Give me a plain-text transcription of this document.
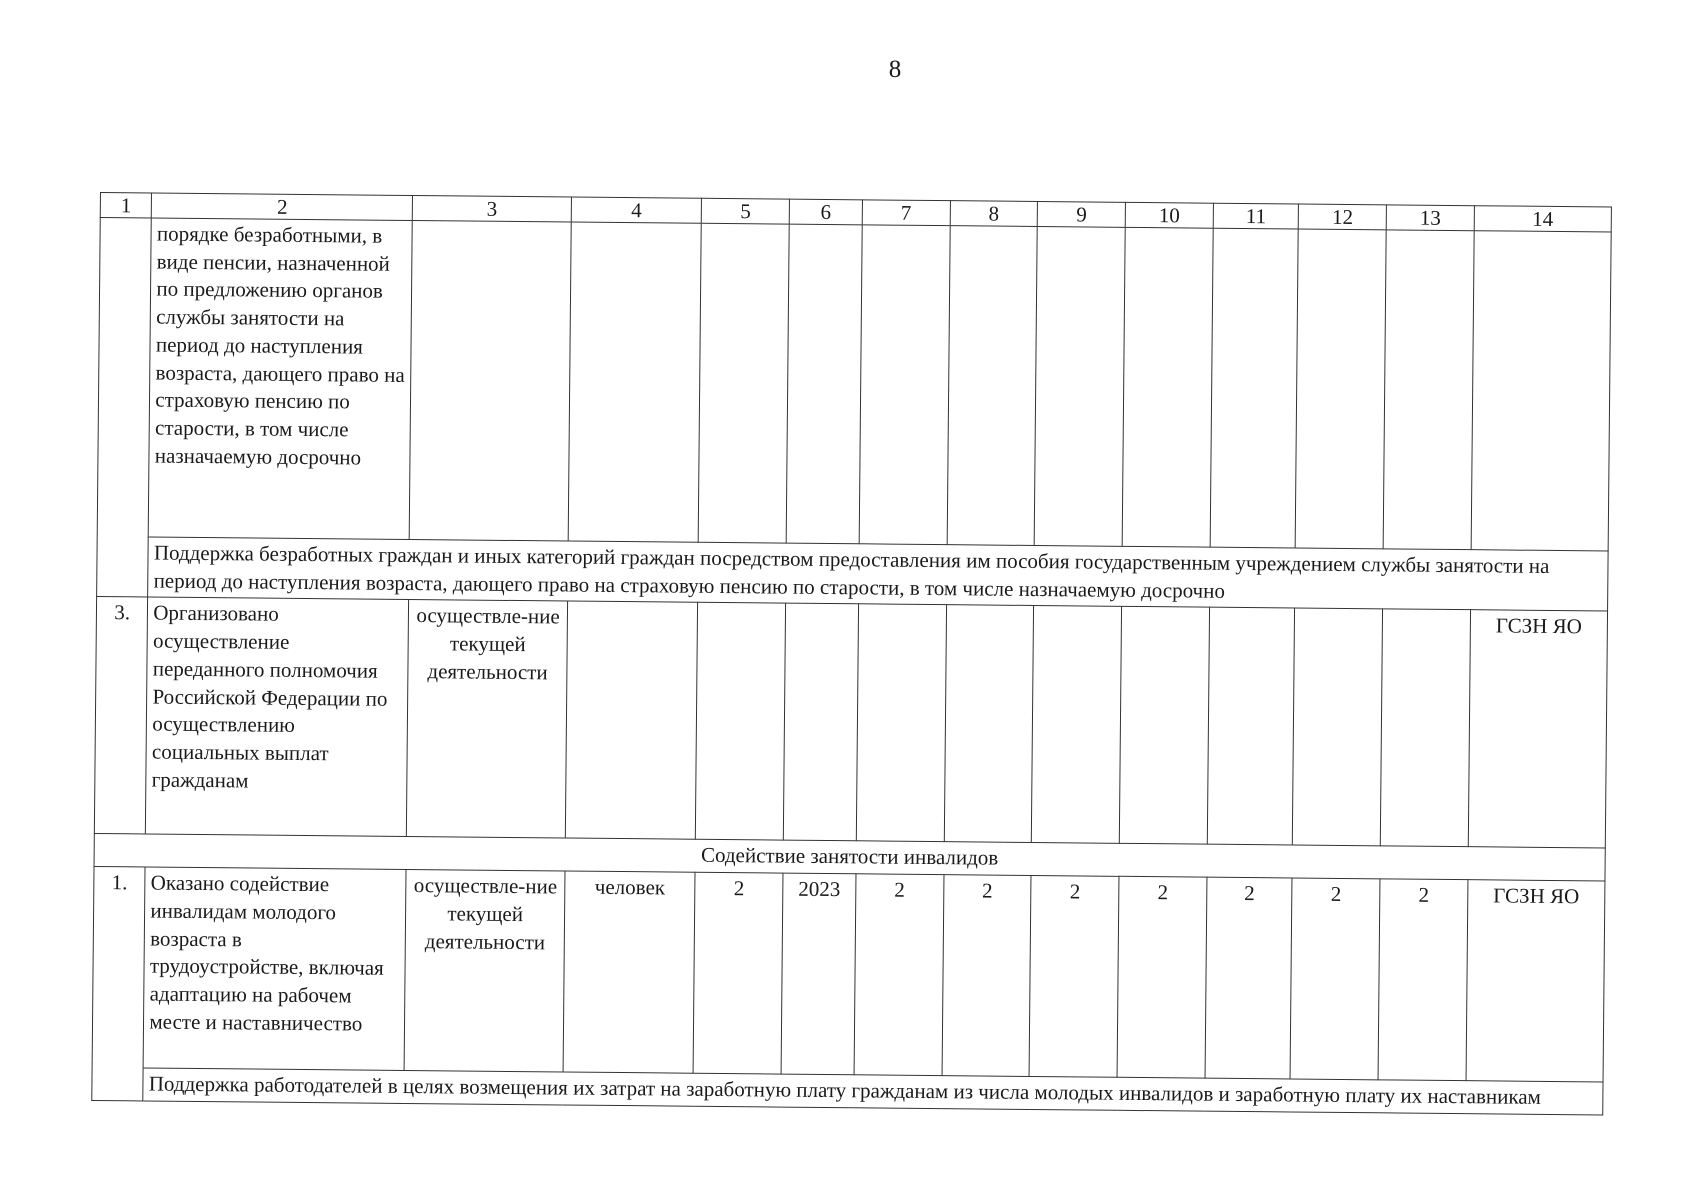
8
1	2	3	4	5	6	7	8	9	10	11	12	13	14
	порядке безработными, в виде пенсии, назначенной по предложению органов службы занятости на период до наступления возраста, дающего право на страховую пенсию по старости, в том числе назначаемую досрочно												
	Поддержка безработных граждан и иных категорий граждан посредством предоставления им пособия государственным учреждением службы занятости на период до наступления возраста, дающего право на страховую пенсию по старости, в том числе назначаемую досрочно												
3.	Организовано осуществление переданного полномочия Российской Федерации по осуществлению социальных выплат гражданам	осуществле-ние текущей деятельности											ГСЗН ЯО
Содействие занятости инвалидов													
1.	Оказано содействие инвалидам молодого возраста в трудоустройстве, включая адаптацию на рабочем месте и наставничество	осуществле-ние текущей деятельности	человек	2	2023	2	2	2	2	2	2	2	ГСЗН ЯО
	Поддержка работодателей в целях возмещения их затрат на заработную плату гражданам из числа молодых инвалидов и заработную плату их наставникам												
